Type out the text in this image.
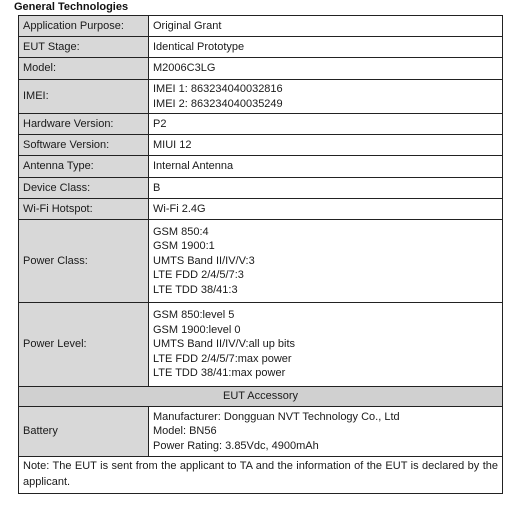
General Technologies
Application Purpose:	Original Grant

EUT Stage:	Identical Prototype

Model:	M2006C3LG

IMEI:	IMEI 1: 863234040032816
IMEI 2: 863234040035249

Hardware Version:	P2

Software Version:	MIUI 12

Antenna Type:	Internal Antenna

Device Class:	B

Wi-Fi Hotspot:	Wi-Fi 2.4G

Power Class:	GSM 850:4
GSM 1900:1
UMTS Band II/IV/V:3
LTE FDD 2/4/5/7:3
LTE TDD 38/41:3

Power Level:	GSM 850:level 5
GSM 1900:level 0
UMTS Band II/IV/V:all up bits
LTE FDD 2/4/5/7:max power
LTE TDD 38/41:max power

EUT Accessory	
Battery	Manufacturer: Dongguan NVT Technology Co., Ltd
Model: BN56
Power Rating: 3.85Vdc, 4900mAh

Note: The EUT is sent from the applicant to TA and the information of the EUT is declared by the applicant.	
